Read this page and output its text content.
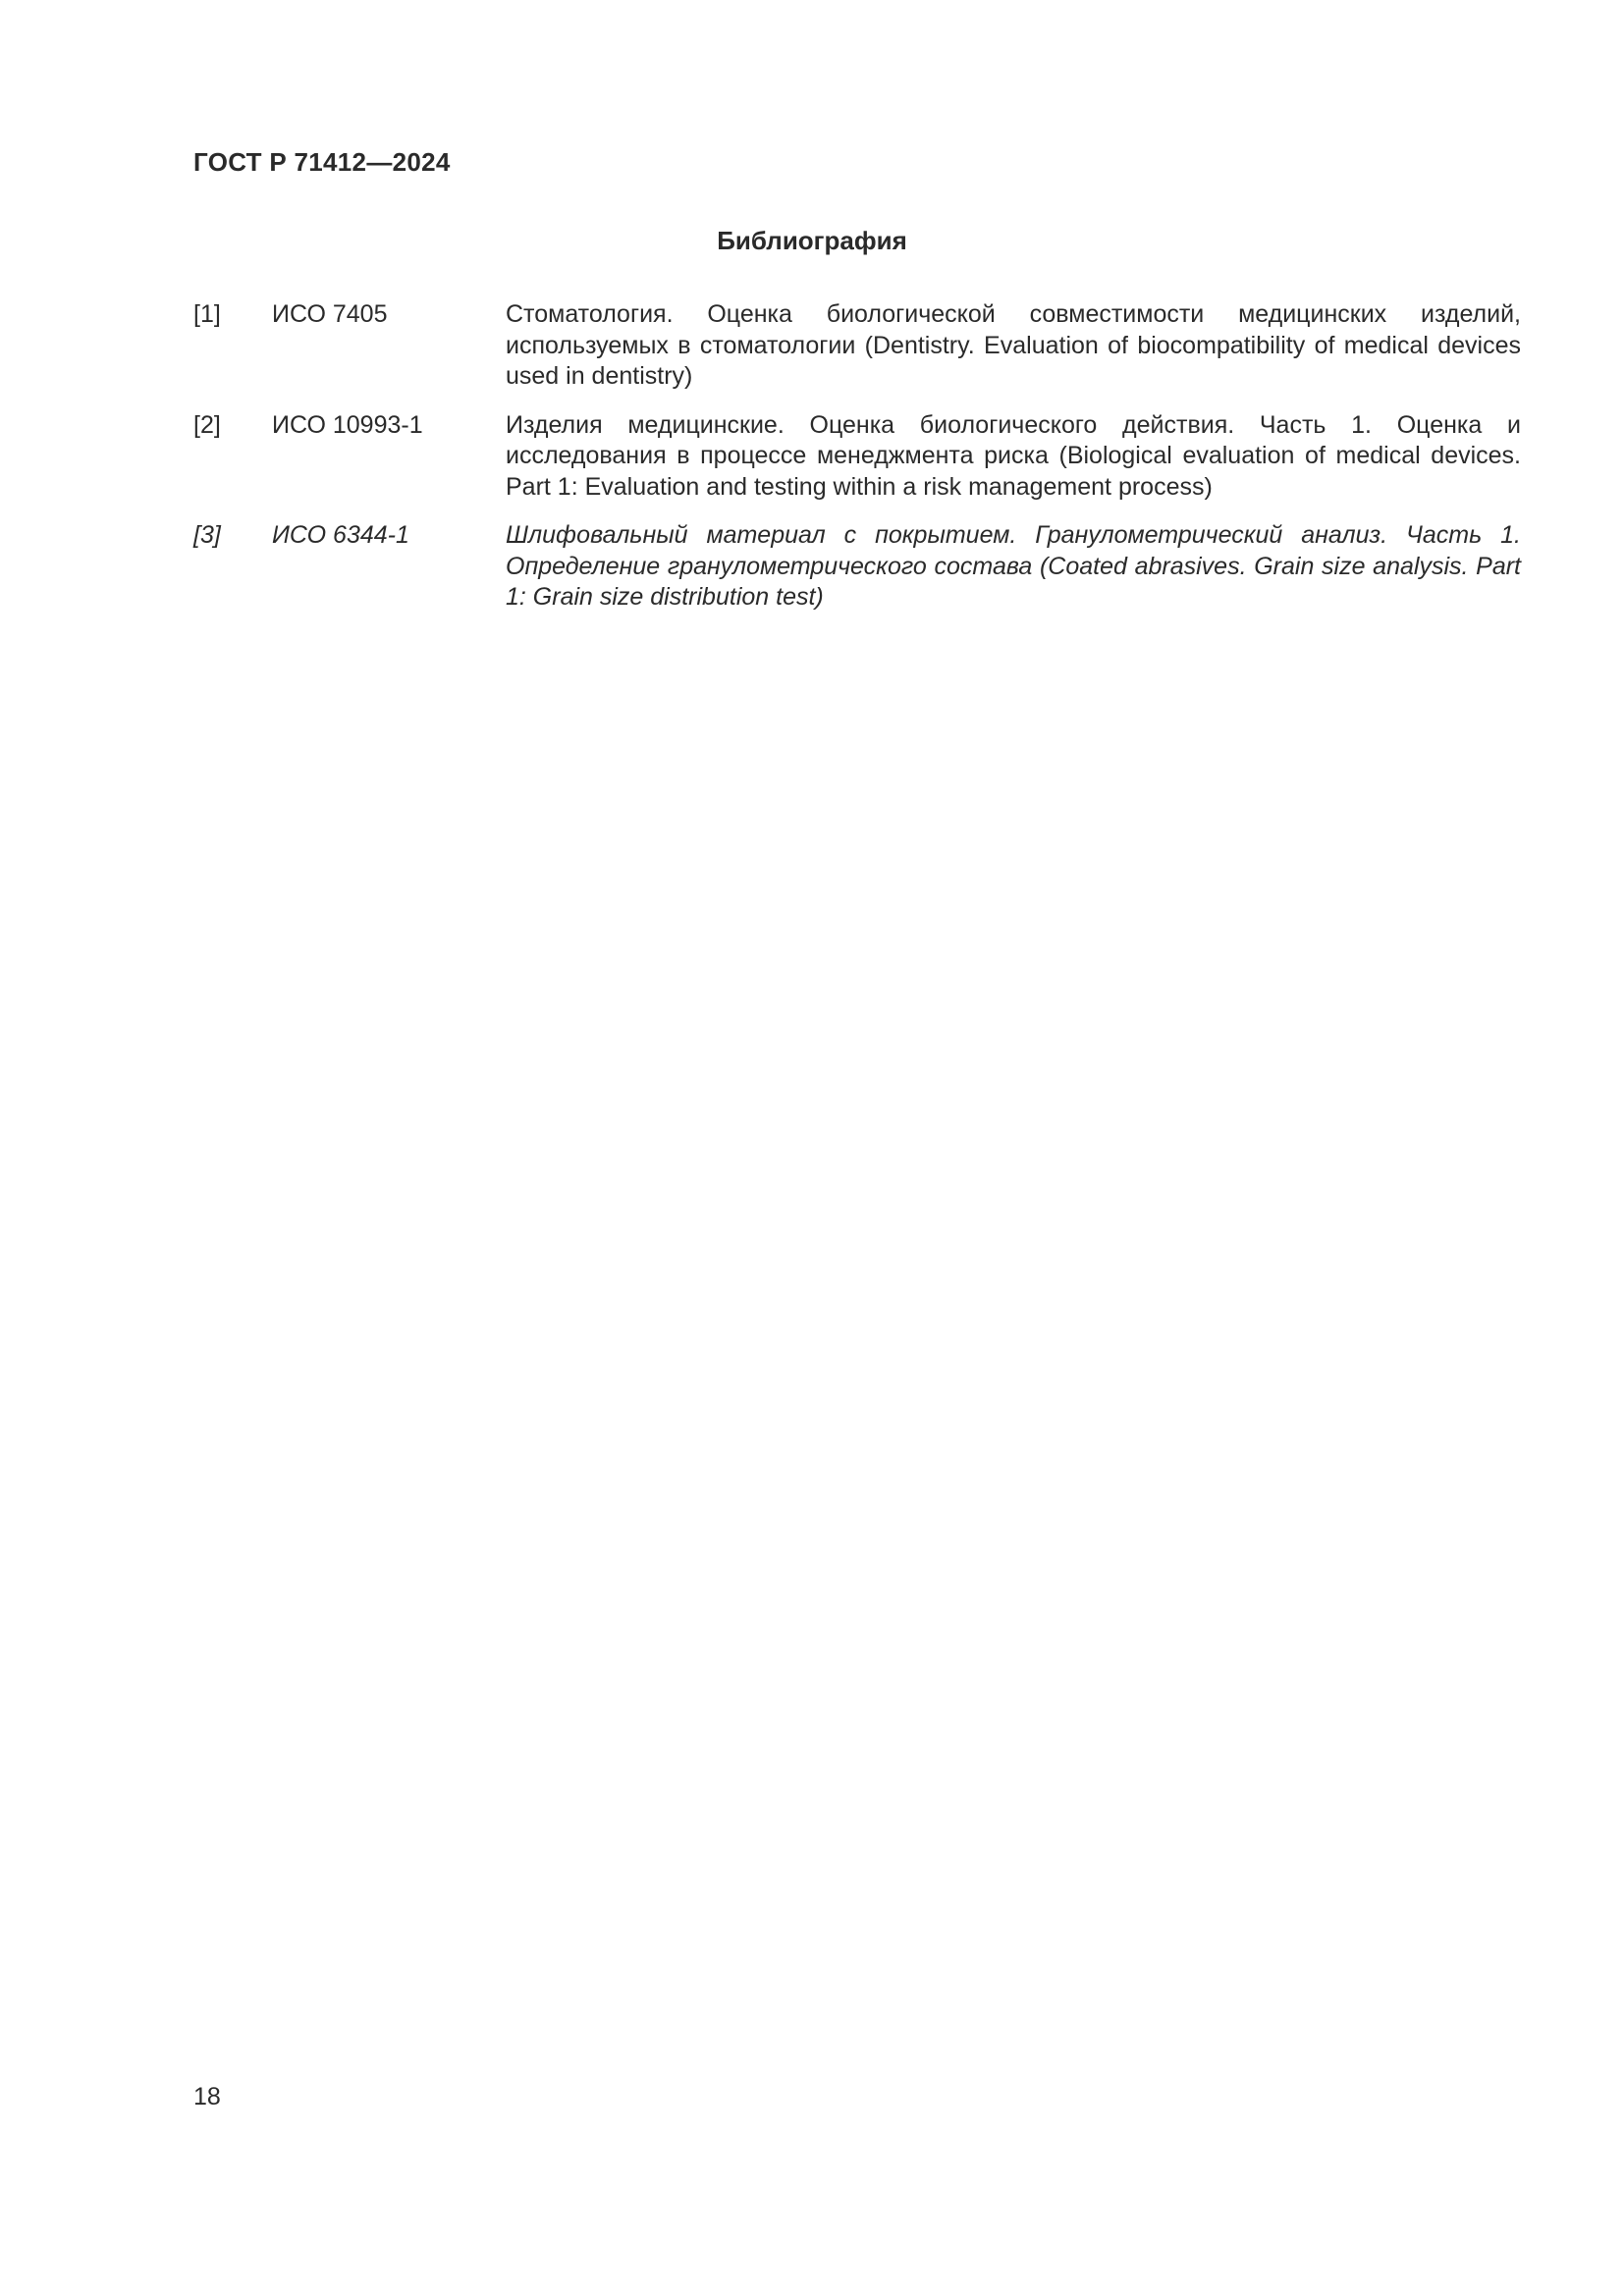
ГОСТ Р 71412—2024
Библиография
[1] ИСО 7405	Стоматология. Оценка биологической совместимости медицинских изделий, используемых в стоматологии (Dentistry. Evaluation of biocompatibility of medical devices used in dentistry)
[2] ИСО 10993-1	Изделия медицинские. Оценка биологического действия. Часть 1. Оценка и исследования в процессе менеджмента риска (Biological evaluation of medical devices. Part 1: Evaluation and testing within a risk management process)
[3] ИСО 6344-1	Шлифовальный материал с покрытием. Гранулометрический анализ. Часть 1. Определение гранулометрического состава (Coated abrasives. Grain size analysis. Part 1: Grain size distribution test)
18
